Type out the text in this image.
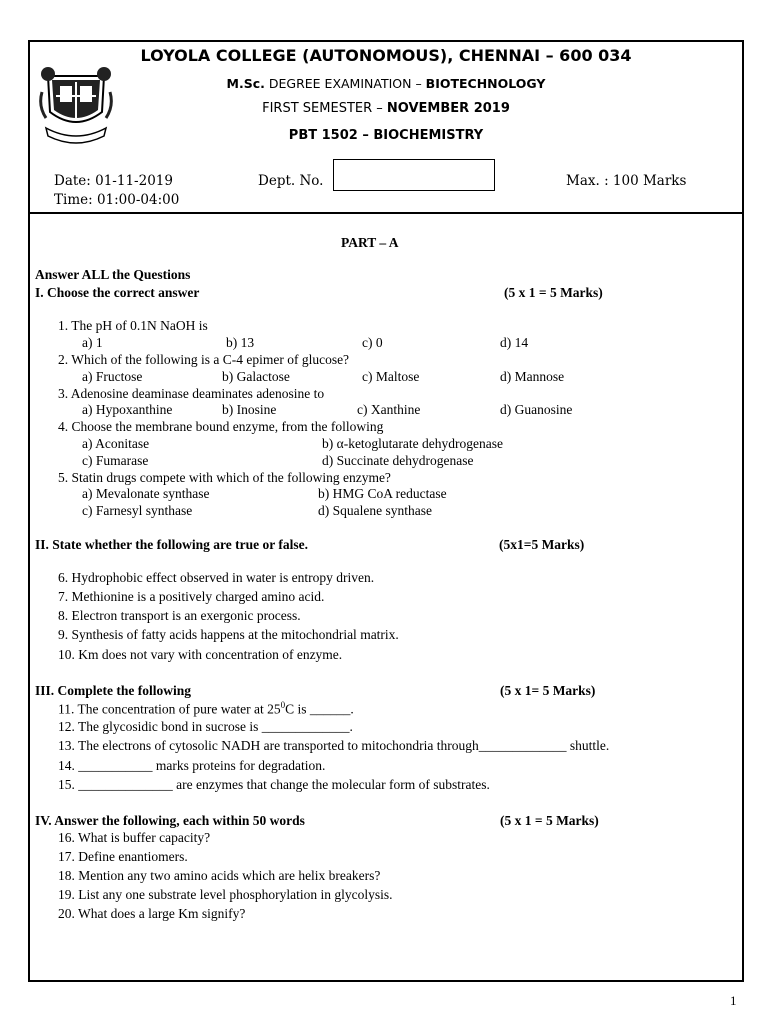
LOYOLA COLLEGE (AUTONOMOUS), CHENNAI – 600 034
M.Sc. DEGREE EXAMINATION – BIOTECHNOLOGY
FIRST SEMESTER – NOVEMBER 2019
PBT 1502 – BIOCHEMISTRY
Date: 01-11-2019
Time: 01:00-04:00
Dept. No.	Max. : 100 Marks
PART – A
Answer ALL the Questions
I. Choose the correct answer	(5 x 1 = 5 Marks)
1. The pH of 0.1N NaOH is
a) 1	b) 13	c) 0	d) 14
2. Which of the following is a C-4 epimer of glucose?
a) Fructose	b) Galactose	c) Maltose	d) Mannose
3. Adenosine deaminase deaminates adenosine to
a) Hypoxanthine	b) Inosine	c) Xanthine	d) Guanosine
4. Choose the membrane bound enzyme, from the following
a) Aconitase	b) α-ketoglutarate dehydrogenase
c) Fumarase	d) Succinate dehydrogenase
5. Statin drugs compete with which of the following enzyme?
a) Mevalonate synthase	b) HMG CoA reductase
c) Farnesyl synthase	d) Squalene synthase
II. State whether the following are true or false.	(5x1=5 Marks)
6. Hydrophobic effect observed in water is entropy driven.
7. Methionine is a positively charged amino acid.
8. Electron transport is an exergonic process.
9. Synthesis of fatty acids happens at the mitochondrial matrix.
10. Km does not vary with concentration of enzyme.
III. Complete the following	(5 x 1= 5 Marks)
11. The concentration of pure water at $25^0C$ is ______.
12. The glycosidic bond in sucrose is _____________.
13. The electrons of cytosolic NADH are transported to mitochondria through_____________ shuttle.
14. ___________ marks proteins for degradation.
15. ______________ are enzymes that change the molecular form of substrates.
IV. Answer the following, each within 50 words	(5 x 1 = 5 Marks)
16. What is buffer capacity?
17. Define enantiomers.
18. Mention any two amino acids which are helix breakers?
19. List any one substrate level phosphorylation in glycolysis.
20. What does a large Km signify?
1
